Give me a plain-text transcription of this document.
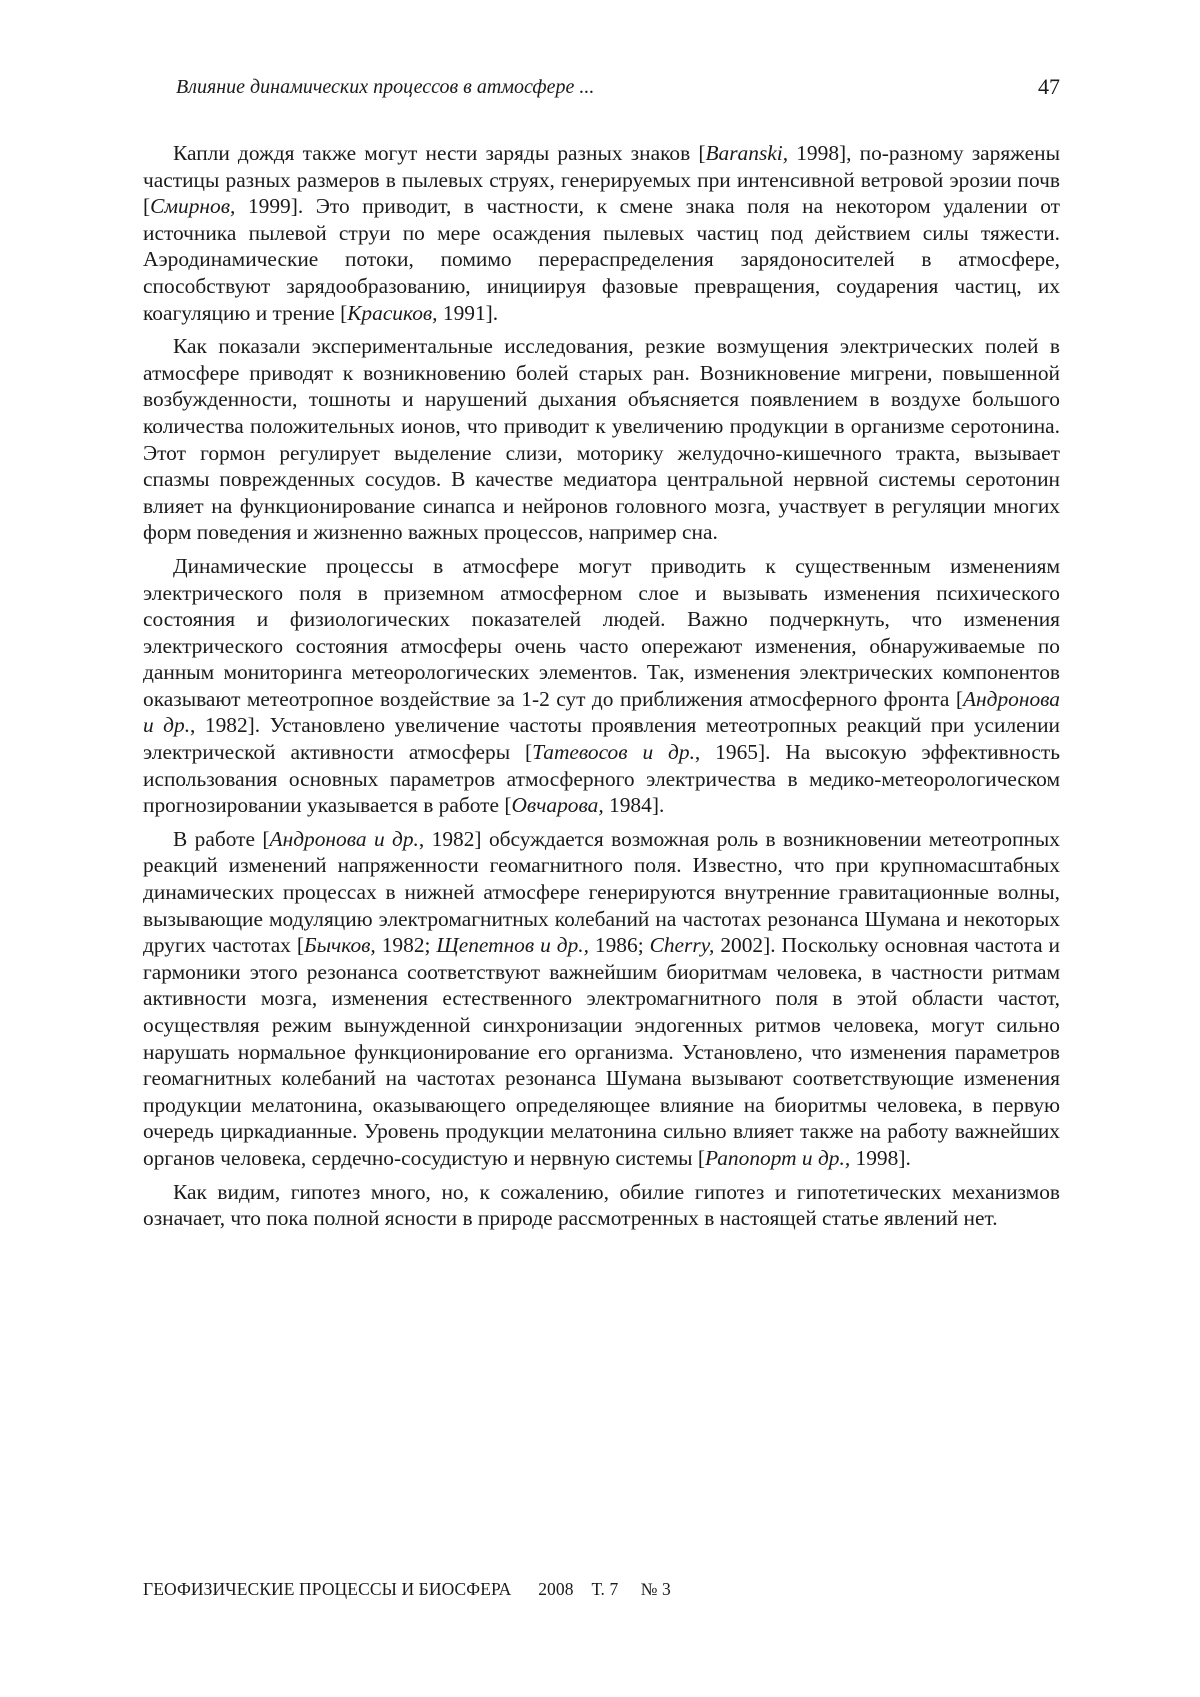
Влияние динамических процессов в атмосфере ...	47

Капли дождя также могут нести заряды разных знаков [Baranski, 1998], по-разному заряжены частицы разных размеров в пылевых струях, генерируемых при интенсивной ветровой эрозии почв [Смирнов, 1999]. Это приводит, в частности, к смене знака поля на некотором удалении от источника пылевой струи по мере осаждения пылевых частиц под действием силы тяжести. Аэродинамические потоки, помимо перераспределения зарядоносителей в атмосфере, способствуют зарядообразованию, инициируя фазовые превращения, соударения частиц, их коагуляцию и трение [Красиков, 1991].

Как показали экспериментальные исследования, резкие возмущения электрических полей в атмосфере приводят к возникновению болей старых ран. Возникновение мигрени, повышенной возбужденности, тошноты и нарушений дыхания объясняется появлением в воздухе большого количества положительных ионов, что приводит к увеличению продукции в организме серотонина. Этот гормон регулирует выделение слизи, моторику желудочно-кишечного тракта, вызывает спазмы поврежденных сосудов. В качестве медиатора центральной нервной системы серотонин влияет на функционирование синапса и нейронов головного мозга, участвует в регуляции многих форм поведения и жизненно важных процессов, например сна.

Динамические процессы в атмосфере могут приводить к существенным изменениям электрического поля в приземном атмосферном слое и вызывать изменения психического состояния и физиологических показателей людей. Важно подчеркнуть, что изменения электрического состояния атмосферы очень часто опережают изменения, обнаруживаемые по данным мониторинга метеорологических элементов. Так, изменения электрических компонентов оказывают метеотропное воздействие за 1-2 сут до приближения атмосферного фронта [Андронова и др., 1982]. Установлено увеличение частоты проявления метеотропных реакций при усилении электрической активности атмосферы [Татевосов и др., 1965]. На высокую эффективность использования основных параметров атмосферного электричества в медико-метеорологическом прогнозировании указывается в работе [Овчарова, 1984].

В работе [Андронова и др., 1982] обсуждается возможная роль в возникновении метеотропных реакций изменений напряженности геомагнитного поля. Известно, что при крупномасштабных динамических процессах в нижней атмосфере генерируются внутренние гравитационные волны, вызывающие модуляцию электромагнитных колебаний на частотах резонанса Шумана и некоторых других частотах [Бычков, 1982; Щепетнов и др., 1986; Cherry, 2002]. Поскольку основная частота и гармоники этого резонанса соответствуют важнейшим биоритмам человека, в частности ритмам активности мозга, изменения естественного электромагнитного поля в этой области частот, осуществляя режим вынужденной синхронизации эндогенных ритмов человека, могут сильно нарушать нормальное функционирование его организма. Установлено, что изменения параметров геомагнитных колебаний на частотах резонанса Шумана вызывают соответствующие изменения продукции мелатонина, оказывающего определяющее влияние на биоритмы человека, в первую очередь циркадианные. Уровень продукции мелатонина сильно влияет также на работу важнейших органов человека, сердечно-сосудистую и нервную системы [Рапопорт и др., 1998].

Как видим, гипотез много, но, к сожалению, обилие гипотез и гипотетических механизмов означает, что пока полной ясности в природе рассмотренных в настоящей статье явлений нет.

ГЕОФИЗИЧЕСКИЕ ПРОЦЕССЫ И БИОСФЕРА 2008 Т. 7 № 3
